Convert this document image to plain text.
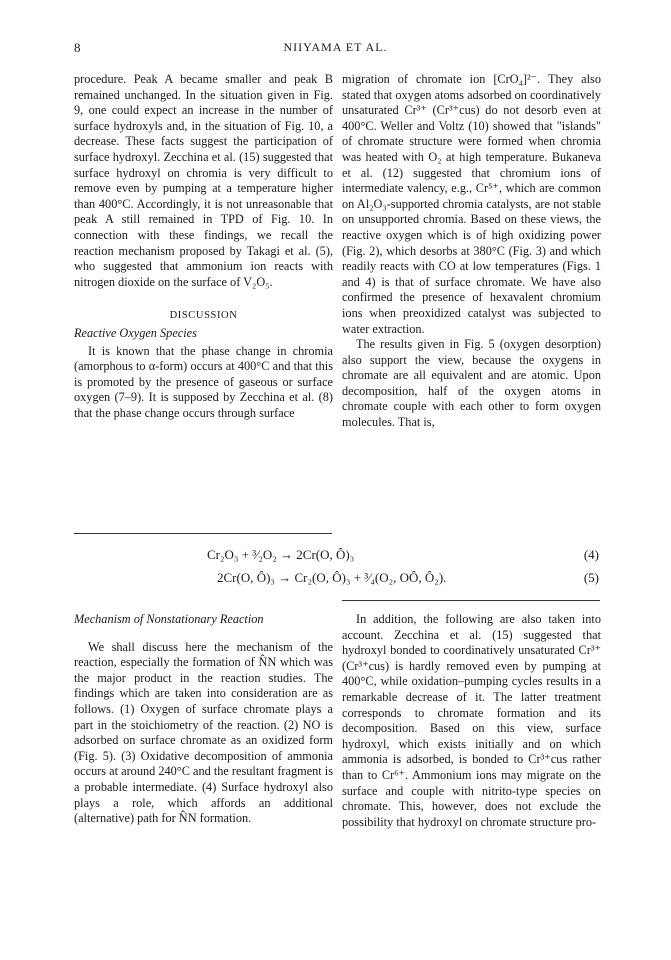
8	NIIYAMA ET AL.

procedure. Peak A became smaller and peak B remained unchanged. In the situation given in Fig. 9, one could expect an increase in the number of surface hydroxyls and, in the situation of Fig. 10, a decrease. These facts suggest the participation of surface hydroxyl. Zecchina et al. (15) suggested that surface hydroxyl on chromia is very difficult to remove even by pumping at a temperature higher than 400°C. Accordingly, it is not unreasonable that peak A still remained in TPD of Fig. 10. In connection with these findings, we recall the reaction mechanism proposed by Takagi et al. (5), who suggested that ammonium ion reacts with nitrogen dioxide on the surface of V₂O₅.

DISCUSSION
Reactive Oxygen Species

It is known that the phase change in chromia (amorphous to α-form) occurs at 400°C and that this is promoted by the presence of gaseous or surface oxygen (7–9). It is supposed by Zecchina et al. (8) that the phase change occurs through surface

migration of chromate ion [CrO₄]²⁻. They also stated that oxygen atoms adsorbed on coordinatively unsaturated Cr³⁺ (Cr³⁺cus) do not desorb even at 400°C. Weller and Voltz (10) showed that "islands" of chromate structure were formed when chromia was heated with O₂ at high temperature. Bukaneva et al. (12) suggested that chromium ions of intermediate valency, e.g., Cr⁵⁺, which are common on Al₂O₃-supported chromia catalysts, are not stable on unsupported chromia. Based on these views, the reactive oxygen which is of high oxidizing power (Fig. 2), which desorbs at 380°C (Fig. 3) and which readily reacts with CO at low temperatures (Figs. 1 and 4) is that of surface chromate. We have also confirmed the presence of hexavalent chromium ions when preoxidized catalyst was subjected to water extraction.

The results given in Fig. 5 (oxygen desorption) also support the view, because the oxygens in chromate are all equivalent and are atomic. Upon decomposition, half of the oxygen atoms in chromate couple with each other to form oxygen molecules. That is,

Cr₂O₃ + ³⁄₂O₂ → 2Cr(O, Ô)₃	(4)
2Cr(O, Ô)₃ → Cr₂(O, Ô)₃ + ³⁄₄(O₂, OÔ, Ô₂).	(5)
Mechanism of Nonstationary Reaction

We shall discuss here the mechanism of the reaction, especially the formation of N̂N which was the major product in the reaction studies. The findings which are taken into consideration are as follows. (1) Oxygen of surface chromate plays a part in the stoichiometry of the reaction. (2) NO is adsorbed on surface chromate as an oxidized form (Fig. 5). (3) Oxidative decomposition of ammonia occurs at around 240°C and the resultant fragment is a probable intermediate. (4) Surface hydroxyl also plays a role, which affords an additional (alternative) path for N̂N formation.

In addition, the following are also taken into account. Zecchina et al. (15) suggested that hydroxyl bonded to coordinatively unsaturated Cr³⁺ (Cr³⁺cus) is hardly removed even by pumping at 400°C, while oxidation–pumping cycles results in a remarkable decrease of it. The latter treatment corresponds to chromate formation and its decomposition. Based on this view, surface hydroxyl, which exists initially and on which ammonia is adsorbed, is bonded to Cr³⁺cus rather than to Cr⁶⁺. Ammonium ions may migrate on the surface and couple with nitrito-type species on chromate. This, however, does not exclude the possibility that hydroxyl on chromate structure pro-
